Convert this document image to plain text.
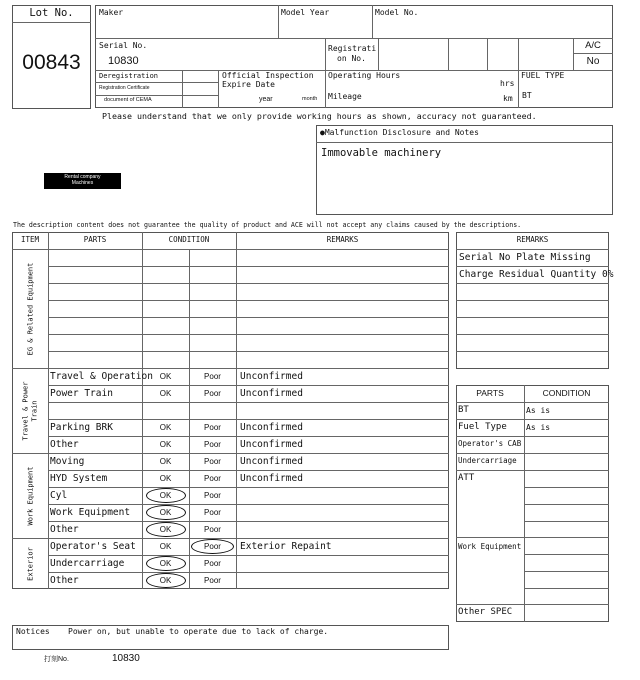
Lot No.
00843
Maker	Model Year	Model No.
Serial No.
10830
Registrati
on No.
A/C
No
Deregistration
Registration Certificate
document of CEMA
Official Inspection
Expire Date
year	month
Operating Hours
hrs
Mileage	km
FUEL TYPE
BT
Please understand that we only provide working hours as shown, accuracy not guaranteed.
Rental company
Machines
●Malfunction Disclosure and Notes
Immovable machinery
The description content does not guarantee the quality of product and ACE will not accept any claims caused by the descriptions.
ITEM	PARTS	CONDITION	REMARKS
EG & Related Equipment
Travel & Power Train
Travel & Operation OK	Poor	Unconfirmed
Power Train	OK	Poor	Unconfirmed
Parking BRK	OK	Poor	Unconfirmed
Other	OK	Poor	Unconfirmed
Work Equipment
Moving	OK	Poor	Unconfirmed
HYD System	OK	Poor	Unconfirmed
Cyl	OK	Poor
Work Equipment	OK	Poor
Other	OK	Poor
Exterior
Operator's Seat	OK	Poor	Exterior Repaint
Undercarriage	OK	Poor
Other	OK	Poor
REMARKS
Serial No Plate Missing
Charge Residual Quantity 0%
PARTS	CONDITION
BT	As is
Fuel Type As is
Operator's CAB
Undercarriage
ATT
Work Equipment
Other SPEC
Notices Power on, but unable to operate due to lack of charge.
打刻No.	10830
